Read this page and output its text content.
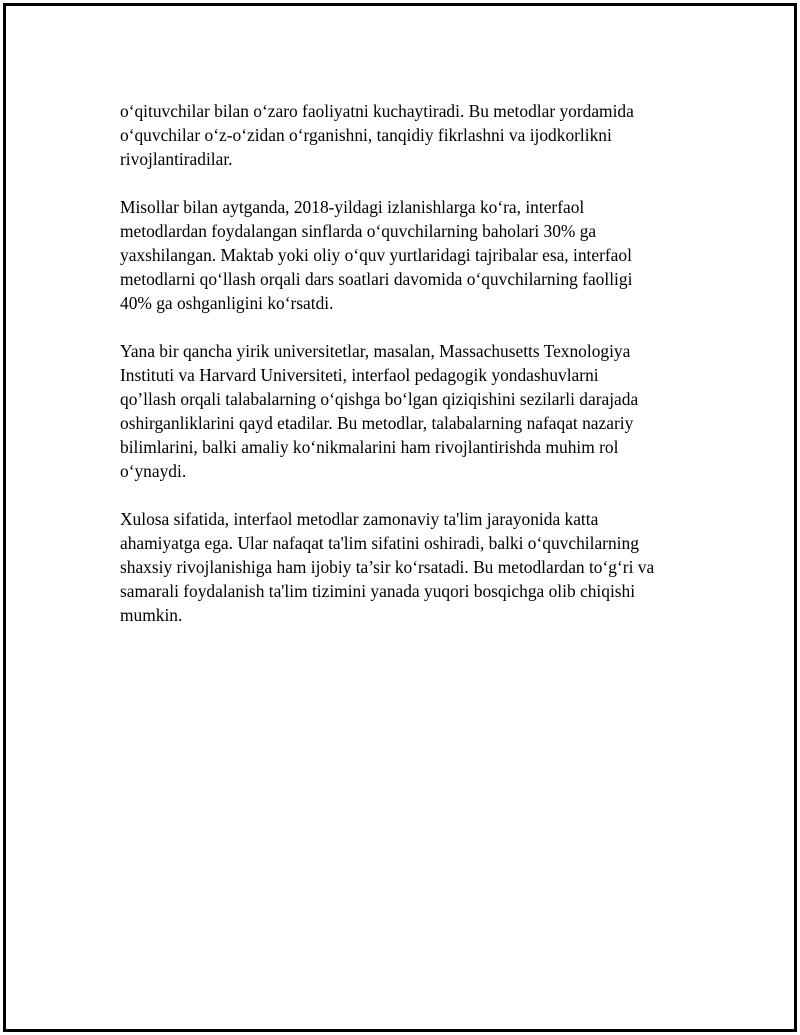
o‘qituvchilar bilan o‘zaro faoliyatni kuchaytiradi. Bu metodlar yordamida
o‘quvchilar o‘z-o‘zidan o‘rganishni, tanqidiy fikrlashni va ijodkorlikni
rivojlantiradilar.

Misollar bilan aytganda, 2018-yildagi izlanishlarga ko‘ra, interfaol
metodlardan foydalangan sinflarda o‘quvchilarning baholari 30% ga
yaxshilangan. Maktab yoki oliy o‘quv yurtlaridagi tajribalar esa, interfaol
metodlarni qo‘llash orqali dars soatlari davomida o‘quvchilarning faolligi
40% ga oshganligini ko‘rsatdi.

Yana bir qancha yirik universitetlar, masalan, Massachusetts Texnologiya
Instituti va Harvard Universiteti, interfaol pedagogik yondashuvlarni
qo’llash orqali talabalarning o‘qishga bo‘lgan qiziqishini sezilarli darajada
oshirganliklarini qayd etadilar. Bu metodlar, talabalarning nafaqat nazariy
bilimlarini, balki amaliy ko‘nikmalarini ham rivojlantirishda muhim rol
o‘ynaydi.

Xulosa sifatida, interfaol metodlar zamonaviy ta'lim jarayonida katta
ahamiyatga ega. Ular nafaqat ta'lim sifatini oshiradi, balki o‘quvchilarning
shaxsiy rivojlanishiga ham ijobiy ta’sir ko‘rsatadi. Bu metodlardan to‘g‘ri va
samarali foydalanish ta'lim tizimini yanada yuqori bosqichga olib chiqishi
mumkin.
